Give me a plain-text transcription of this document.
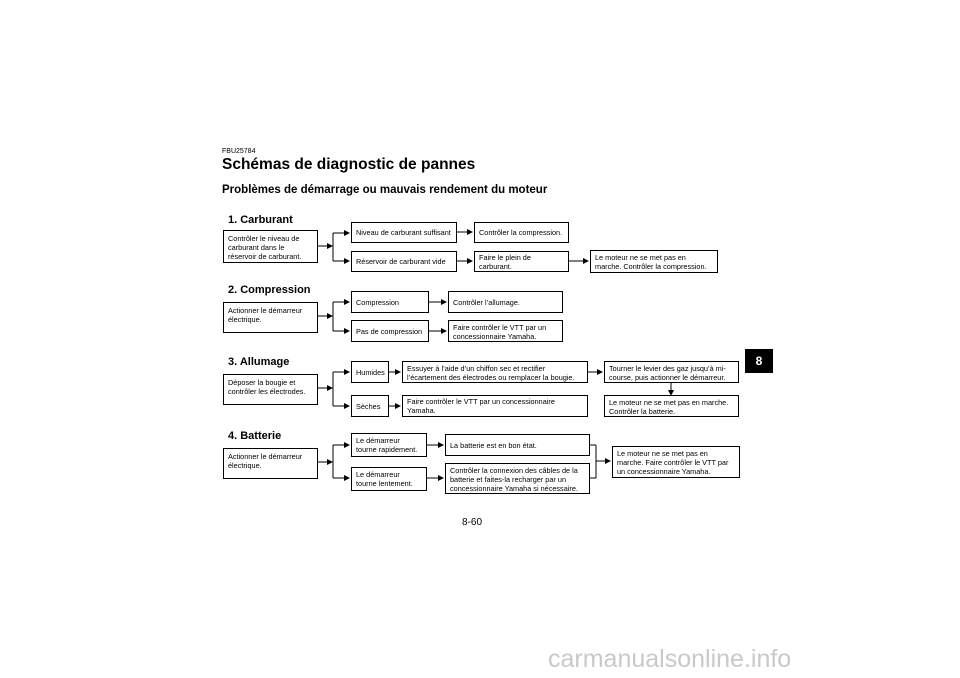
FBU25784
Schémas de diagnostic de pannes
Problèmes de démarrage ou mauvais rendement du moteur
1. Carburant
Contrôler le niveau de carburant dans le réservoir de carburant.
Niveau de carburant suffisant	Contrôler la compression.
Réservoir de carburant vide	Faire le plein de carburant.
Le moteur ne se met pas en marche. Contrôler la compression.
2. Compression
Actionner le démarreur électrique.
Compression	Contrôler l’allumage.
Pas de compression	Faire contrôler le VTT par un concessionnaire Yamaha.
3. Allumage
Déposer la bougie et contrôler les électrodes.
Humides	Essuyer à l’aide d’un chiffon sec et rectifier l’écartement des électrodes ou remplacer la bougie.
Tourner le levier des gaz jusqu’à mi-course, puis actionner le démarreur.
Sèches	Faire contrôler le VTT par un concessionnaire Yamaha.
Le moteur ne se met pas en marche. Contrôler la batterie.
4. Batterie
Actionner le démarreur électrique.
Le démarreur tourne rapidement.	La batterie est en bon état.
Le démarreur tourne lentement.
Contrôler la connexion des câbles de la batterie et faites-la recharger par un concessionnaire Yamaha si nécessaire.
Le moteur ne se met pas en marche. Faire contrôler le VTT par un concessionnaire Yamaha.
8
8-60
carmanualsonline.info
